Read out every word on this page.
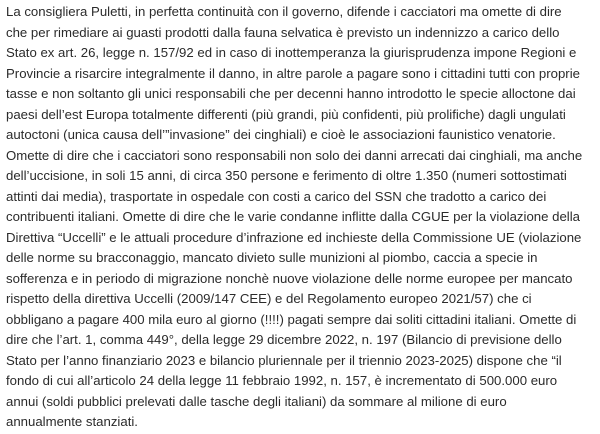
La consigliera Puletti, in perfetta continuità con il governo, difende i cacciatori ma omette di dire
che per rimediare ai guasti prodotti dalla fauna selvatica è previsto un indennizzo a carico dello
Stato ex art. 26, legge n. 157/92 ed in caso di inottemperanza la giurisprudenza impone Regioni e
Provincie a risarcire integralmente il danno, in altre parole a pagare sono i cittadini tutti con proprie
tasse e non soltanto gli unici responsabili che per decenni hanno introdotto le specie alloctone dai
paesi dell’est Europa totalmente differenti (più grandi, più confidenti, più prolifiche) dagli ungulati
autoctoni (unica causa dell’”invasione” dei cinghiali) e cioè le associazioni faunistico venatorie.
Omette di dire che i cacciatori sono responsabili non solo dei danni arrecati dai cinghiali, ma anche
dell’uccisione, in soli 15 anni, di circa 350 persone e ferimento di oltre 1.350 (numeri sottostimati
attinti dai media), trasportate in ospedale con costi a carico del SSN che tradotto a carico dei
contribuenti italiani. Omette di dire che le varie condanne inflitte dalla CGUE per la violazione della
Direttiva “Uccelli” e le attuali procedure d’infrazione ed inchieste della Commissione UE (violazione
delle norme su bracconaggio, mancato divieto sulle munizioni al piombo, caccia a specie in
sofferenza e in periodo di migrazione nonchè nuove violazione delle norme europee per mancato
rispetto della direttiva Uccelli (2009/147 CEE) e del Regolamento europeo 2021/57) che ci
obbligano a pagare 400 mila euro al giorno (!!!!) pagati sempre dai soliti cittadini italiani. Omette di
dire che l’art. 1, comma 449°, della legge 29 dicembre 2022, n. 197 (Bilancio di previsione dello
Stato per l’anno finanziario 2023 e bilancio pluriennale per il triennio 2023-2025) dispone che “il
fondo di cui all’articolo 24 della legge 11 febbraio 1992, n. 157, è incrementato di 500.000 euro
annui (soldi pubblici prelevati dalle tasche degli italiani) da sommare al milione di euro
annualmente stanziati.
